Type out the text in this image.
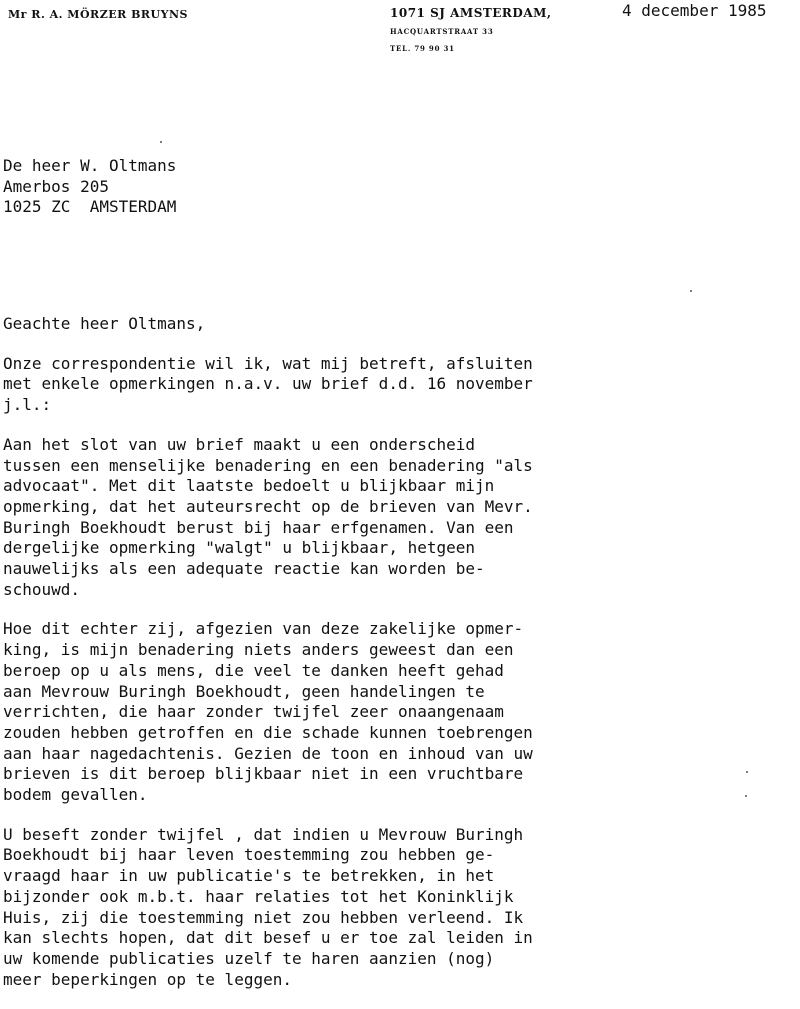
Mr R. A. MÖRZER BRUYNS	1071 SJ AMSTERDAM,	4 december 1985
HACQUARTSTRAAT 33
TEL. 79 90 31
De heer W. Oltmans
Amerbos 205
1025 ZC  AMSTERDAM
Geachte heer Oltmans,
Onze correspondentie wil ik, wat mij betreft, afsluiten
met enkele opmerkingen n.a.v. uw brief d.d. 16 november
j.l.:
Aan het slot van uw brief maakt u een onderscheid
tussen een menselijke benadering en een benadering "als
advocaat". Met dit laatste bedoelt u blijkbaar mijn
opmerking, dat het auteursrecht op de brieven van Mevr.
Buringh Boekhoudt berust bij haar erfgenamen. Van een
dergelijke opmerking "walgt" u blijkbaar, hetgeen
nauwelijks als een adequate reactie kan worden be-
schouwd.
Hoe dit echter zij, afgezien van deze zakelijke opmer-
king, is mijn benadering niets anders geweest dan een
beroep op u als mens, die veel te danken heeft gehad
aan Mevrouw Buringh Boekhoudt, geen handelingen te
verrichten, die haar zonder twijfel zeer onaangenaam
zouden hebben getroffen en die schade kunnen toebrengen
aan haar nagedachtenis. Gezien de toon en inhoud van uw
brieven is dit beroep blijkbaar niet in een vruchtbare
bodem gevallen.
U beseft zonder twijfel , dat indien u Mevrouw Buringh
Boekhoudt bij haar leven toestemming zou hebben ge-
vraagd haar in uw publicatie's te betrekken, in het
bijzonder ook m.b.t. haar relaties tot het Koninklijk
Huis, zij die toestemming niet zou hebben verleend. Ik
kan slechts hopen, dat dit besef u er toe zal leiden in
uw komende publicaties uzelf te haren aanzien (nog)
meer beperkingen op te leggen.
